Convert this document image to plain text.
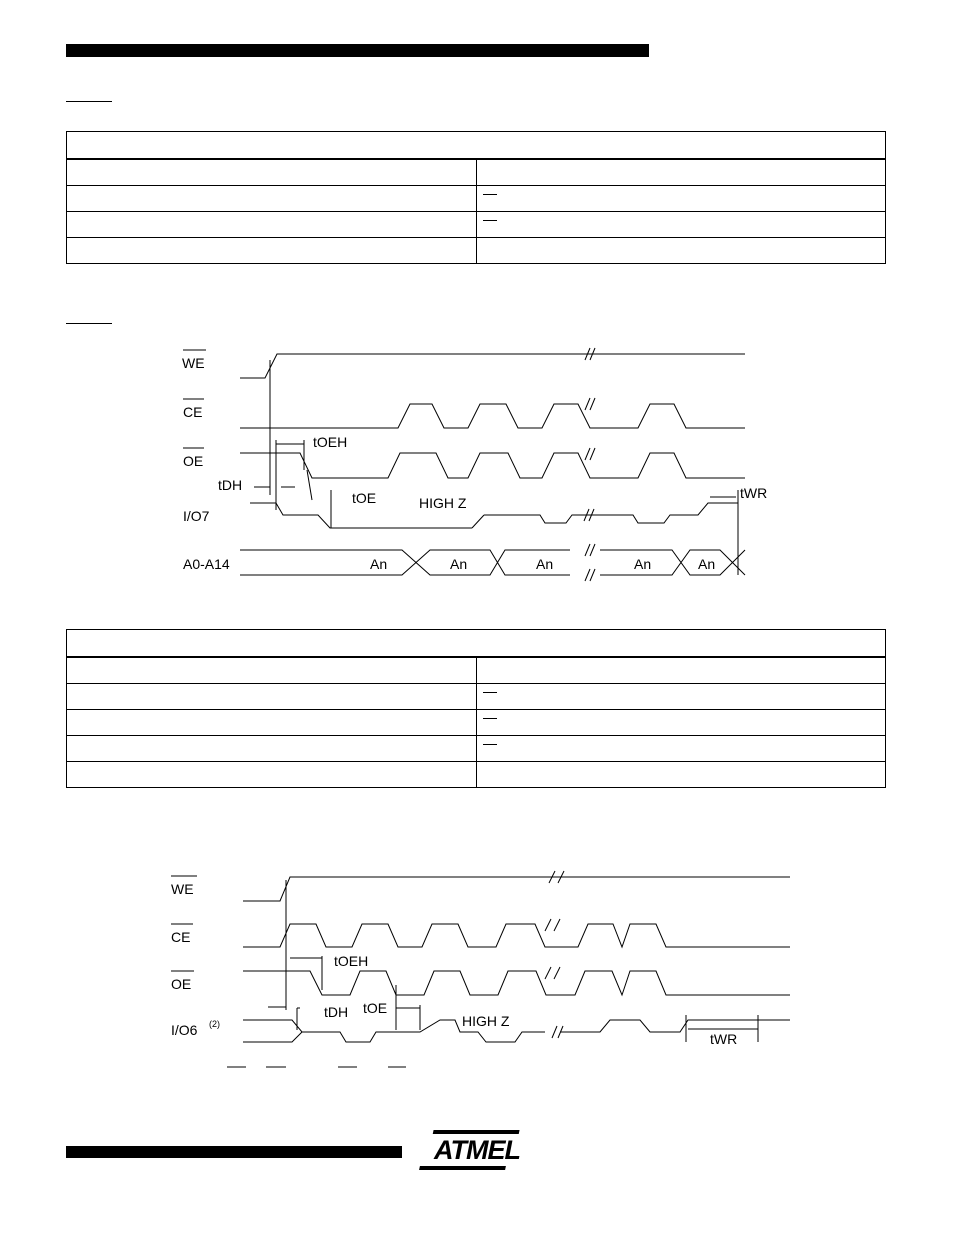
WE
CE
OE
I/O7
A0-A14
tOEH
tDH
tOE	HIGH Z
tWR
An	An	An	An	An

WE
CE
OE
I/O6 (2)
tOEH
tDH tOE
HIGH Z
tWR
ATMEL
